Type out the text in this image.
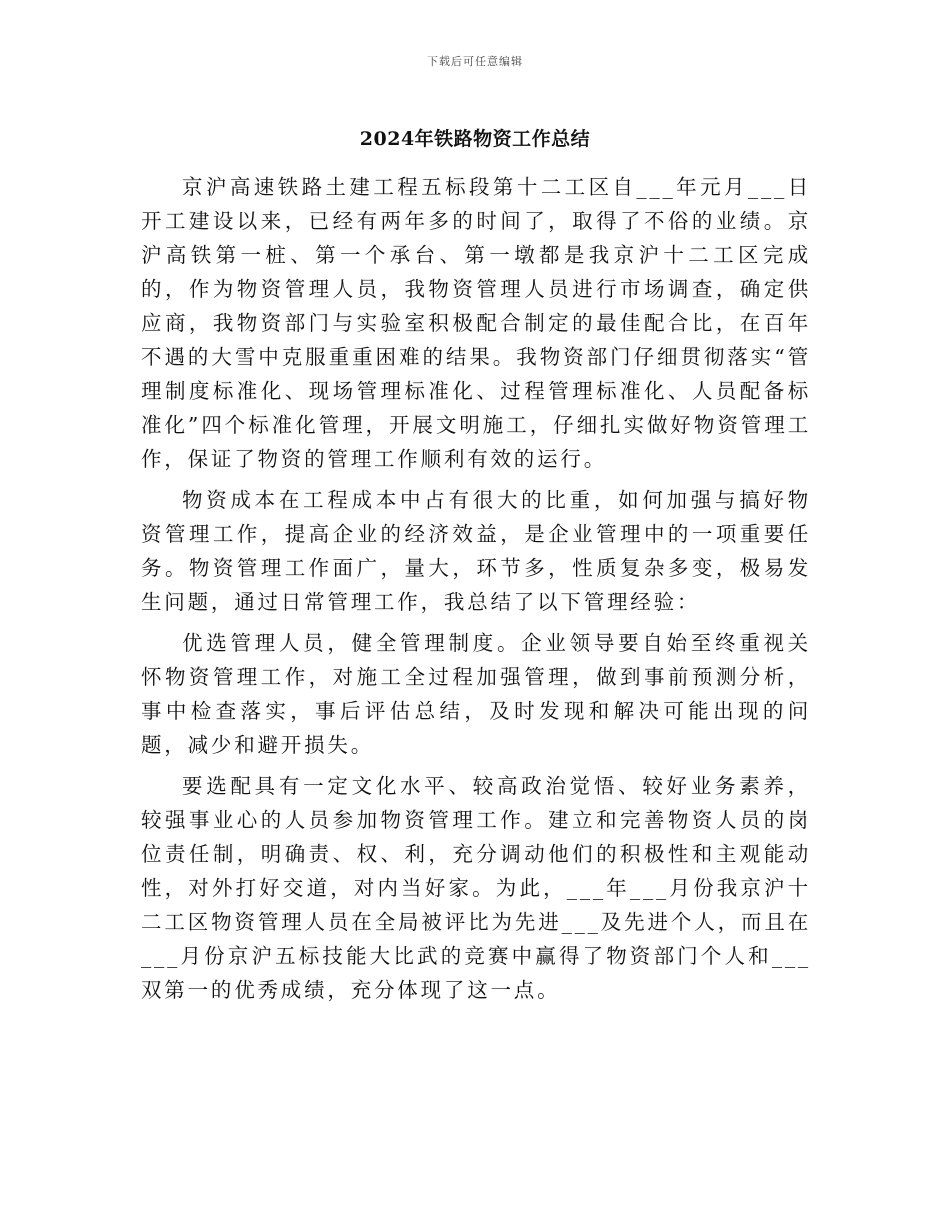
下载后可任意编辑
2024年铁路物资工作总结

京沪高速铁路土建工程五标段第十二工区自___年元月___日开工建设以来，已经有两年多的时间了，取得了不俗的业绩。京沪高铁第一桩、第一个承台、第一墩都是我京沪十二工区完成的，作为物资管理人员，我物资管理人员进行市场调查，确定供应商，我物资部门与实验室积极配合制定的最佳配合比，在百年不遇的大雪中克服重重困难的结果。我物资部门仔细贯彻落实“管理制度标准化、现场管理标准化、过程管理标准化、人员配备标准化”四个标准化管理，开展文明施工，仔细扎实做好物资管理工作，保证了物资的管理工作顺利有效的运行。

物资成本在工程成本中占有很大的比重，如何加强与搞好物资管理工作，提高企业的经济效益，是企业管理中的一项重要任务。物资管理工作面广，量大，环节多，性质复杂多变，极易发生问题，通过日常管理工作，我总结了以下管理经验：

优选管理人员，健全管理制度。企业领导要自始至终重视关怀物资管理工作，对施工全过程加强管理，做到事前预测分析，事中检查落实，事后评估总结，及时发现和解决可能出现的问题，减少和避开损失。

要选配具有一定文化水平、较高政治觉悟、较好业务素养，较强事业心的人员参加物资管理工作。建立和完善物资人员的岗位责任制，明确责、权、利，充分调动他们的积极性和主观能动性，对外打好交道，对内当好家。为此，___年___月份我京沪十二工区物资管理人员在全局被评比为先进___及先进个人，而且在___月份京沪五标技能大比武的竞赛中赢得了物资部门个人和___双第一的优秀成绩，充分体现了这一点。
